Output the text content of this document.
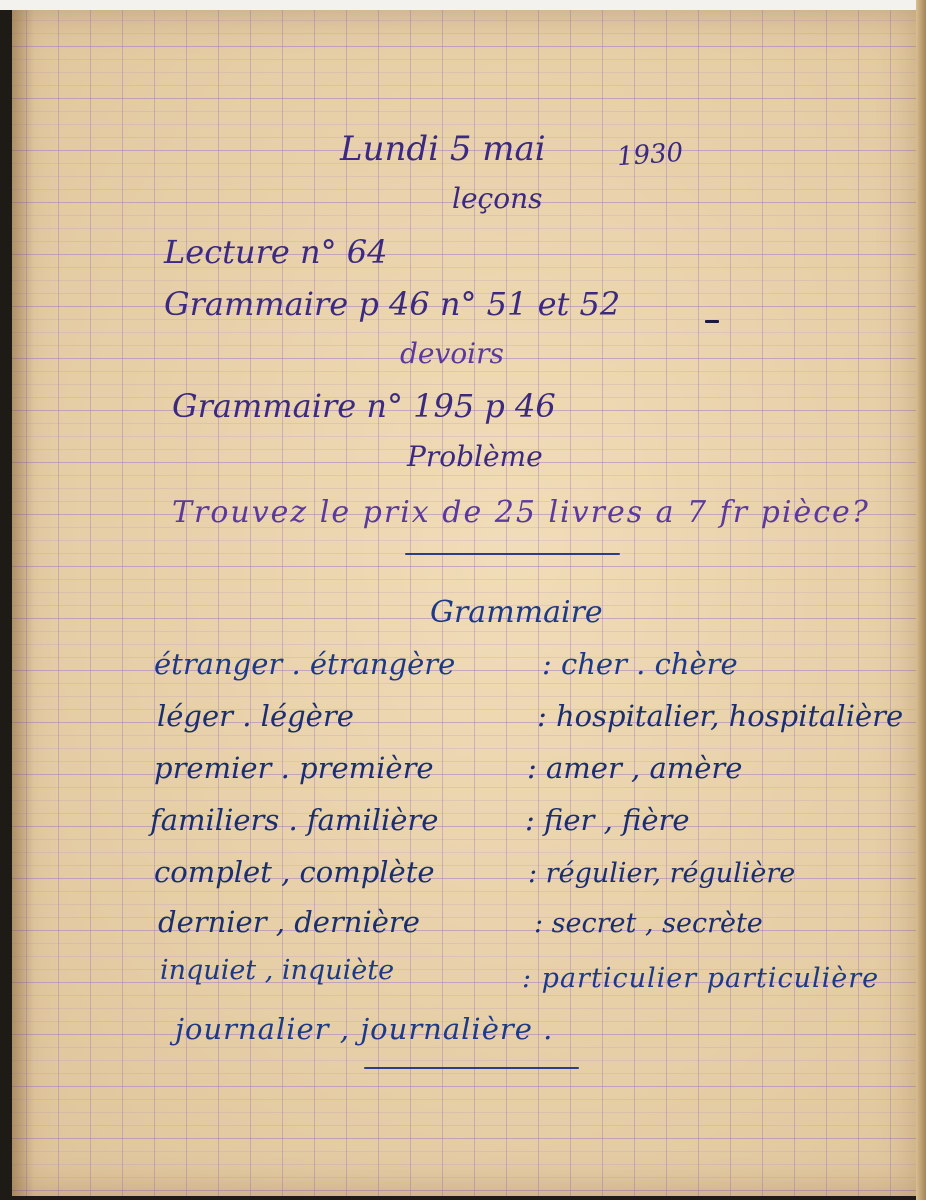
Lundi 5 mai	1930
leçons
Lecture n° 64
Grammaire p 46 n° 51 et 52
devoirs
Grammaire n° 195 p 46
Problème
Trouvez le prix de 25 livres a 7 fr pièce?
Grammaire
étranger . étrangère	: cher . chère
léger . légère	: hospitalier, hospitalière
premier . première	: amer , amère
familiers . familière	: fier , fière
complet , complète	: régulier, régulière
dernier , dernière	: secret , secrète
inquiet , inquiète	: particulier particulière
journalier , journalière .
